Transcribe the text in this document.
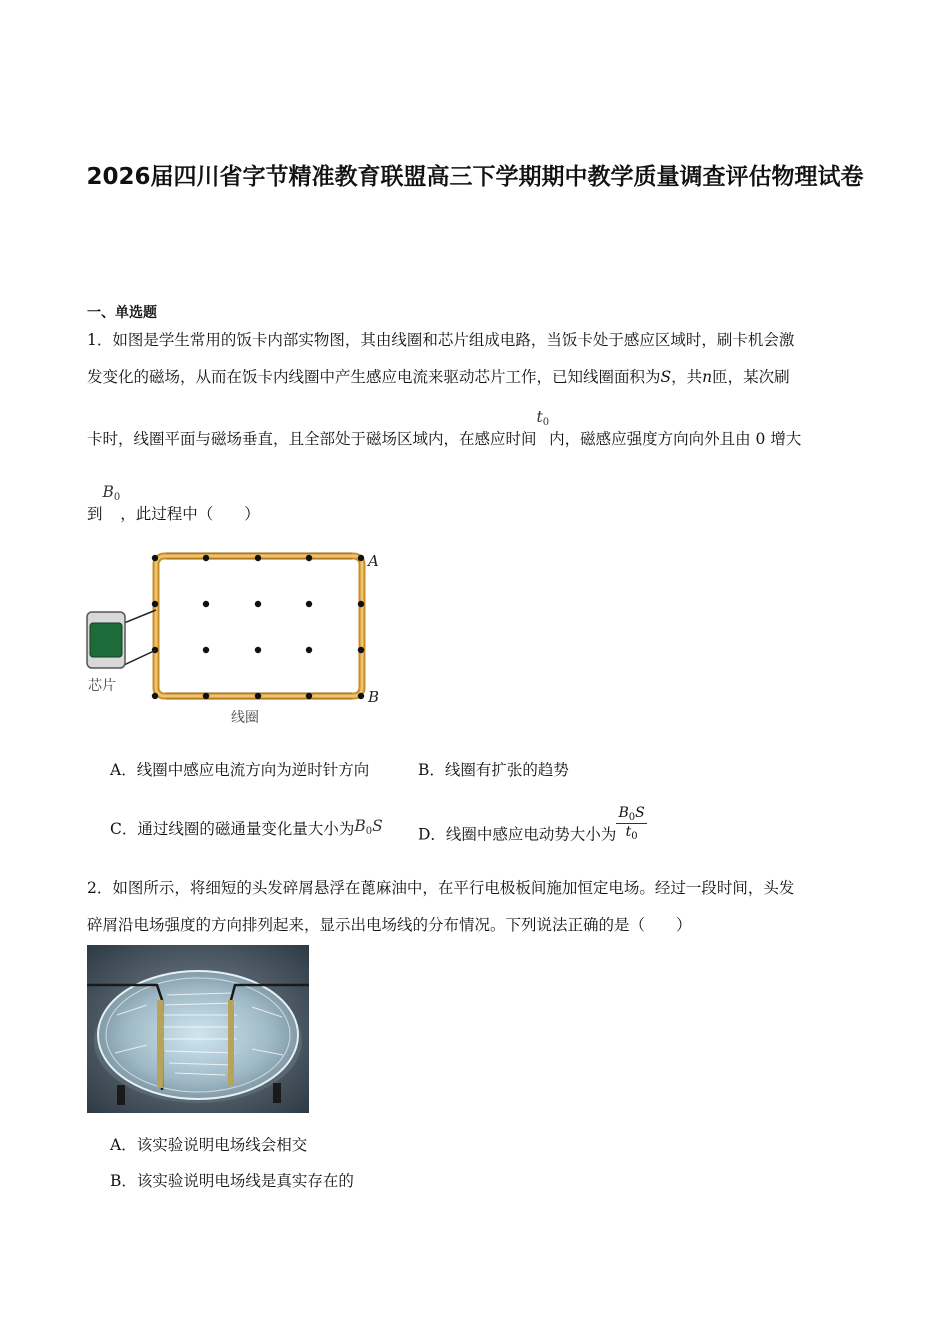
2026届四川省字节精准教育联盟高三下学期期中教学质量调查评估物理试卷
一、单选题
1．如图是学生常用的饭卡内部实物图，其由线圈和芯片组成电路，当饭卡处于感应区域时，刷卡机会激
发变化的磁场，从而在饭卡内线圈中产生感应电流来驱动芯片工作，已知线圈面积为S，共n匝，某次刷
卡时，线圈平面与磁场垂直，且全部处于磁场区域内，在感应时间$t_0$内，磁感应强度方向向外且由 0 增大
到$B_0$，此过程中（　　）
A
B
芯片
线圈
A．线圈中感应电流方向为逆时针方向	B．线圈有扩张的趋势
C．通过线圈的磁通量变化量大小为$B_0S$ D．线圈中感应电动势大小为 $\frac{B_0S}{t_0}$
2．如图所示，将细短的头发碎屑悬浮在蓖麻油中，在平行电极板间施加恒定电场。经过一段时间，头发
碎屑沿电场强度的方向排列起来，显示出电场线的分布情况。下列说法正确的是（　　）
A．该实验说明电场线会相交
B．该实验说明电场线是真实存在的
